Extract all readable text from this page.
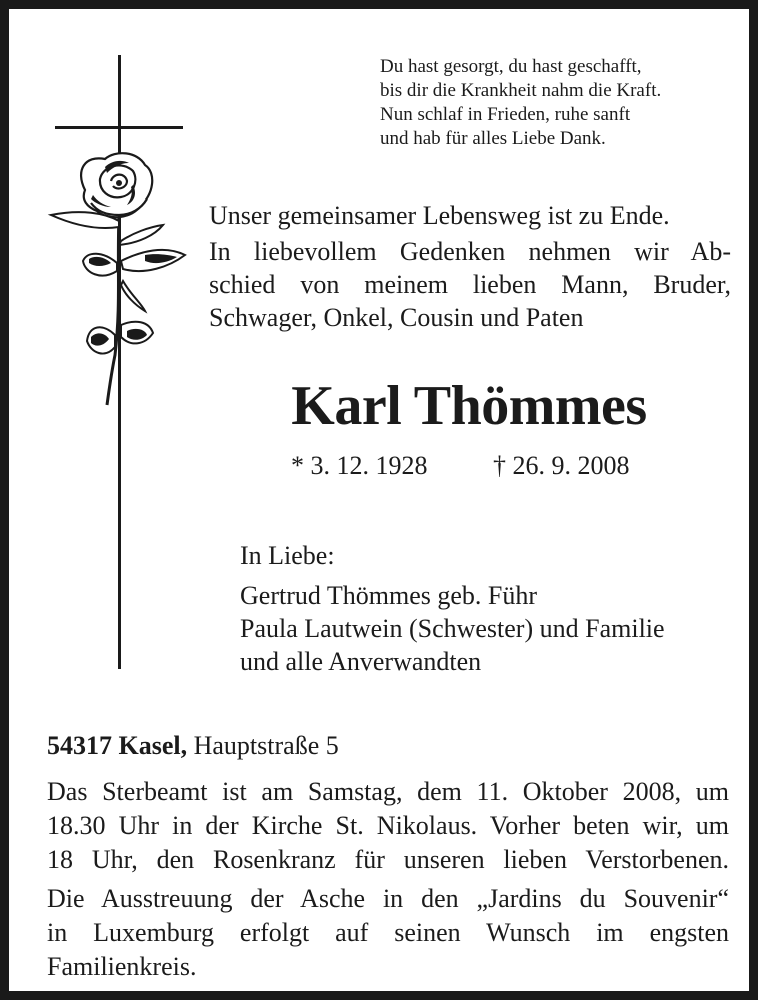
Du hast gesorgt, du hast geschafft,
bis dir die Krankheit nahm die Kraft.
Nun schlaf in Frieden, ruhe sanft
und hab für alles Liebe Dank.
Unser gemeinsamer Lebensweg ist zu Ende.
In liebevollem Gedenken nehmen wir Ab-
schied von meinem lieben Mann, Bruder,
Schwager, Onkel, Cousin und Paten
Karl Thömmes
* 3. 12. 1928	† 26. 9. 2008
In Liebe:
Gertrud Thömmes geb. Führ
Paula Lautwein (Schwester) und Familie
und alle Anverwandten
54317 Kasel, Hauptstraße 5
Das Sterbeamt ist am Samstag, dem 11. Oktober 2008, um
18.30 Uhr in der Kirche St. Nikolaus. Vorher beten wir, um
18 Uhr, den Rosenkranz für unseren lieben Verstorbenen.
Die Ausstreuung der Asche in den „Jardins du Souvenir“
in Luxemburg erfolgt auf seinen Wunsch im engsten
Familienkreis.
